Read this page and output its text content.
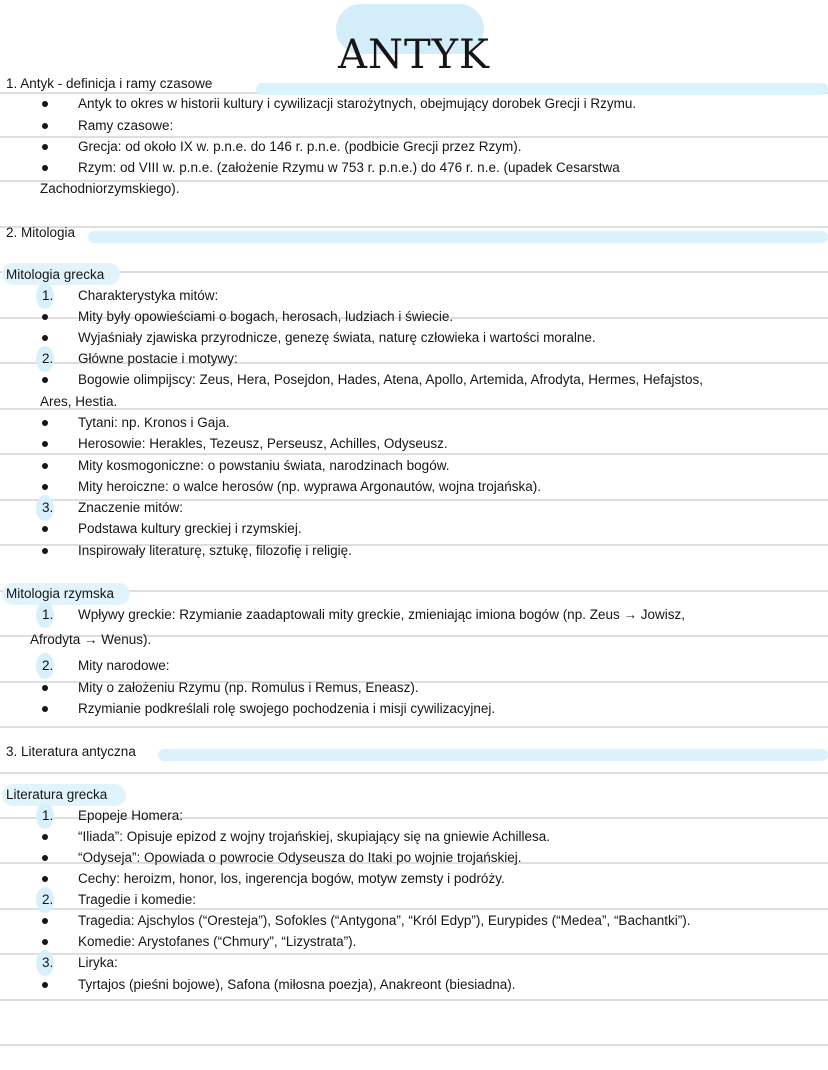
ANTYK
1. Antyk - definicja i ramy czasowe
Antyk to okres w historii kultury i cywilizacji starożytnych, obejmujący dorobek Grecji i Rzymu.
Ramy czasowe:
Grecja: od około IX w. p.n.e. do 146 r. p.n.e. (podbicie Grecji przez Rzym).
Rzym: od VIII w. p.n.e. (założenie Rzymu w 753 r. p.n.e.) do 476 r. n.e. (upadek Cesarstwa
Zachodniorzymskiego).
2. Mitologia
Mitologia grecka
1. Charakterystyka mitów:
Mity były opowieściami o bogach, herosach, ludziach i świecie.
Wyjaśniały zjawiska przyrodnicze, genezę świata, naturę człowieka i wartości moralne.
2. Główne postacie i motywy:
Bogowie olimpijscy: Zeus, Hera, Posejdon, Hades, Atena, Apollo, Artemida, Afrodyta, Hermes, Hefajstos,
Ares, Hestia.
Tytani: np. Kronos i Gaja.
Herosowie: Herakles, Tezeusz, Perseusz, Achilles, Odyseusz.
Mity kosmogoniczne: o powstaniu świata, narodzinach bogów.
Mity heroiczne: o walce herosów (np. wyprawa Argonautów, wojna trojańska).
3. Znaczenie mitów:
Podstawa kultury greckiej i rzymskiej.
Inspirowały literaturę, sztukę, filozofię i religię.
Mitologia rzymska
1. Wpływy greckie: Rzymianie zaadaptowali mity greckie, zmieniając imiona bogów (np. Zeus → Jowisz,
Afrodyta → Wenus).
2. Mity narodowe:
Mity o założeniu Rzymu (np. Romulus i Remus, Eneasz).
Rzymianie podkreślali rolę swojego pochodzenia i misji cywilizacyjnej.
3. Literatura antyczna
Literatura grecka
1. Epopeje Homera:
“Iliada”: Opisuje epizod z wojny trojańskiej, skupiający się na gniewie Achillesa.
“Odyseja”: Opowiada o powrocie Odyseusza do Itaki po wojnie trojańskiej.
Cechy: heroizm, honor, los, ingerencja bogów, motyw zemsty i podróży.
2. Tragedie i komedie:
Tragedia: Ajschylos (“Oresteja”), Sofokles (“Antygona”, “Król Edyp”), Eurypides (“Medea”, “Bachantki”).
Komedie: Arystofanes (“Chmury”, “Lizystrata”).
3. Liryka:
Tyrtajos (pieśni bojowe), Safona (miłosna poezja), Anakreont (biesiadna).
